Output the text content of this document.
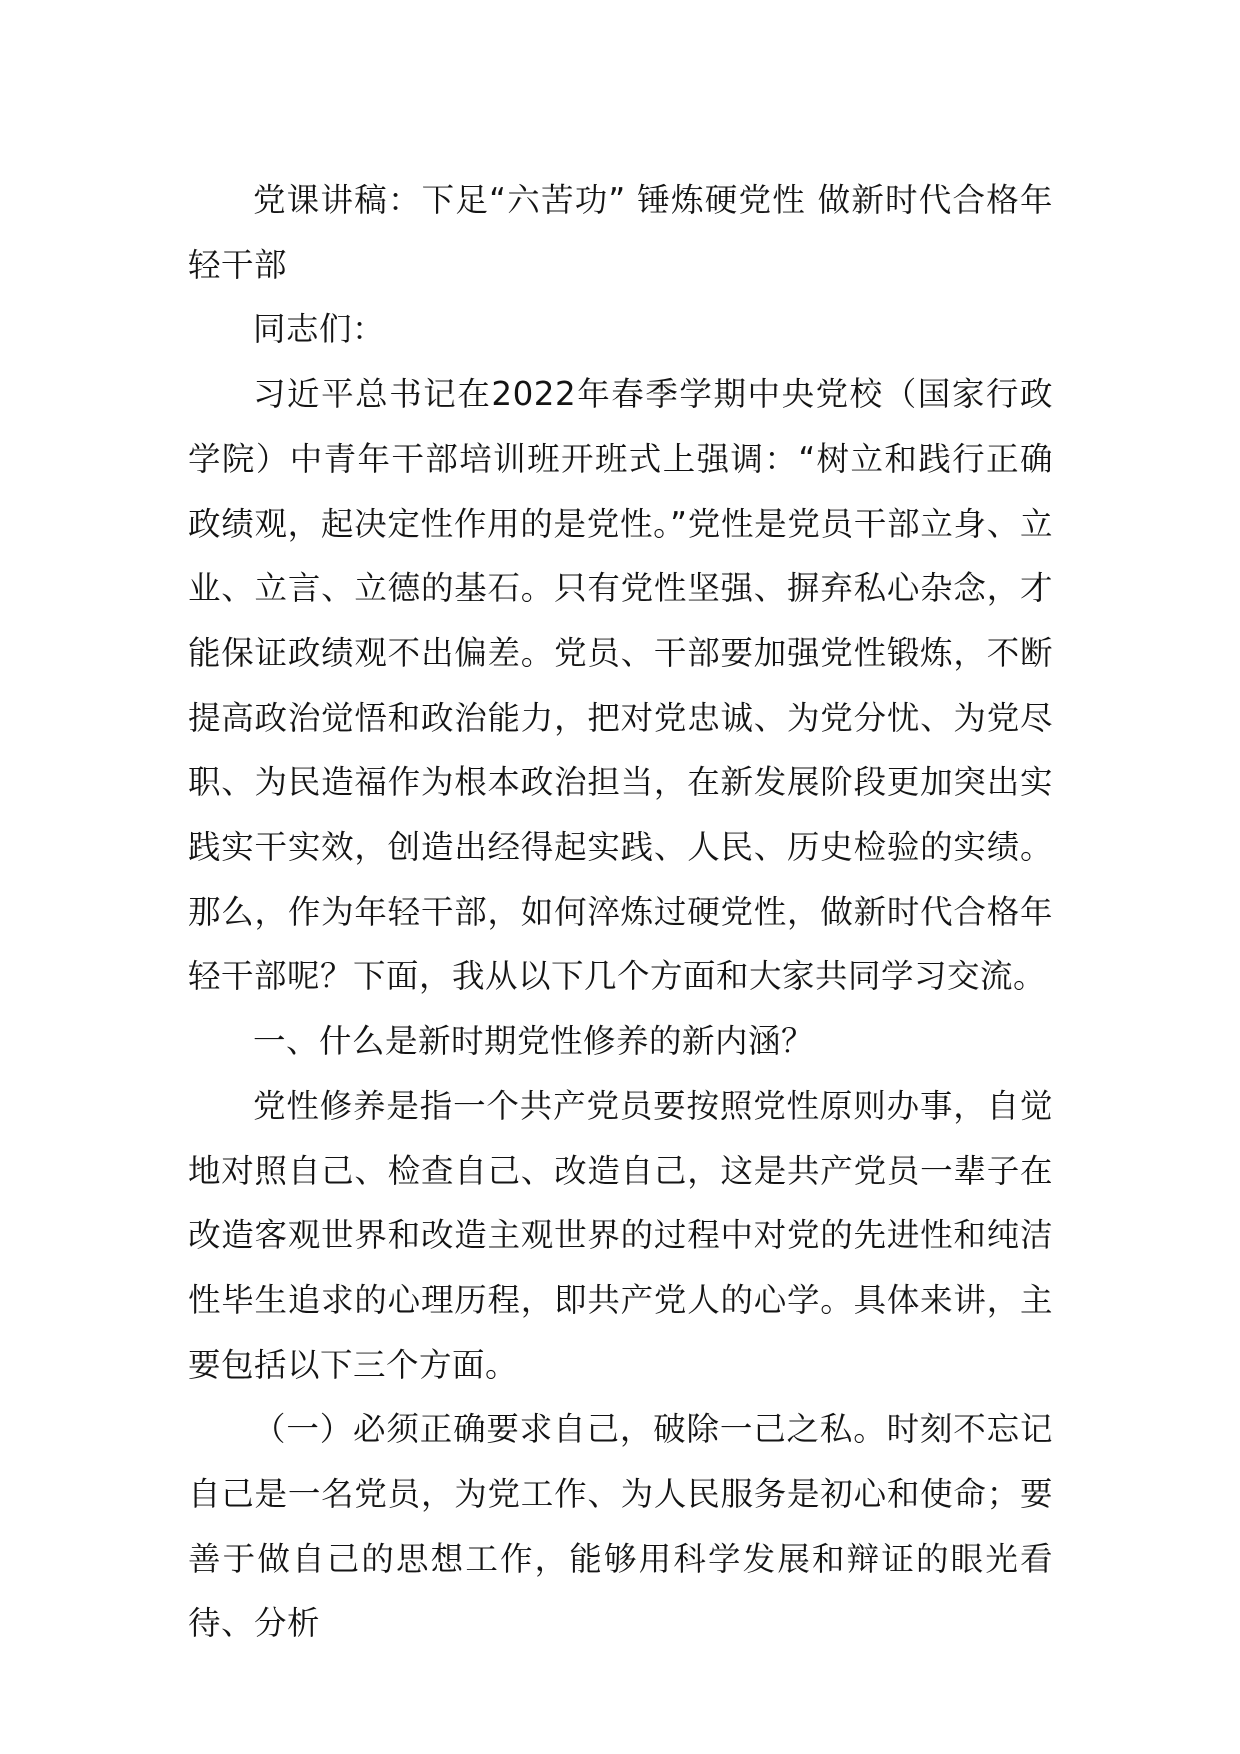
党课讲稿：下足“六苦功” 锤炼硬党性 做新时代合格年轻干部

同志们：

习近平总书记在2022年春季学期中央党校（国家行政学院）中青年干部培训班开班式上强调：“树立和践行正确政绩观，起决定性作用的是党性。”党性是党员干部立身、立业、立言、立德的基石。只有党性坚强、摒弃私心杂念，才能保证政绩观不出偏差。党员、干部要加强党性锻炼，不断提高政治觉悟和政治能力，把对党忠诚、为党分忧、为党尽职、为民造福作为根本政治担当，在新发展阶段更加突出实践实干实效，创造出经得起实践、人民、历史检验的实绩。那么，作为年轻干部，如何淬炼过硬党性，做新时代合格年轻干部呢？下面，我从以下几个方面和大家共同学习交流。

一、什么是新时期党性修养的新内涵？

党性修养是指一个共产党员要按照党性原则办事，自觉地对照自己、检查自己、改造自己，这是共产党员一辈子在改造客观世界和改造主观世界的过程中对党的先进性和纯洁性毕生追求的心理历程，即共产党人的心学。具体来讲，主要包括以下三个方面。

（一）必须正确要求自己，破除一己之私。时刻不忘记自己是一名党员，为党工作、为人民服务是初心和使命；要善于做自己的思想工作，能够用科学发展和辩证的眼光看待、分析
